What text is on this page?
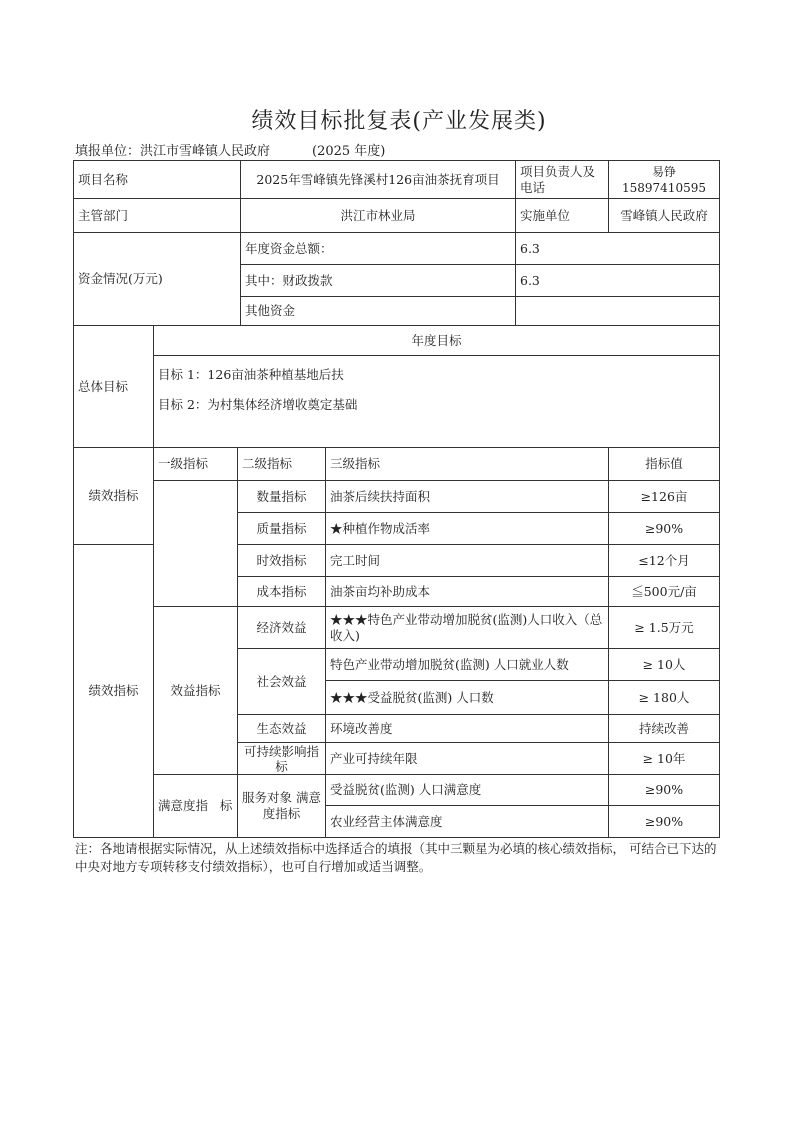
绩效目标批复表(产业发展类)
填报单位：洪江市雪峰镇人民政府	(2025 年度)
项目名称	2025年雪峰镇先锋溪村126亩油茶抚育项目	项目负责人及电话	易铮15897410595
主管部门	洪江市林业局	实施单位	雪峰镇人民政府
资金情况(万元)	年度资金总额：	6.3	
	其中：财政拨款	6.3	
	其他资金		
总体目标	年度目标			

	目标 1：126亩油茶种植基地后扶
目标 2：为村集体经济增收奠定基础			

绩效指标	一级指标	二级指标	三级指标	指标值
		数量指标	油茶后续扶持面积	≥126亩
		质量指标	★种植作物成活率	≥90%
绩效指标		时效指标	完工时间	≤12个月
		成本指标	油茶亩均补助成本	≦500元/亩
	效益指标	经济效益	★★★特色产业带动增加脱贫(监测)人口收入（总收入)	≥ 1.5万元
		社会效益	特色产业带动增加脱贫(监测) 人口就业人数	≥ 10人
			★★★受益脱贫(监测) 人口数	≥ 180人
		生态效益	环境改善度	持续改善
		可持续影响指标	产业可持续年限	≥ 10年
	满意度指   标	服务对象 满意度指标	受益脱贫(监测) 人口满意度	≥90%
			农业经营主体满意度	≥90%
注：各地请根据实际情况，从上述绩效指标中选择适合的填报（其中三颗星为必填的核心绩效指标， 可结合已下达的中央对地方专项转移支付绩效指标），也可自行增加或适当调整。
